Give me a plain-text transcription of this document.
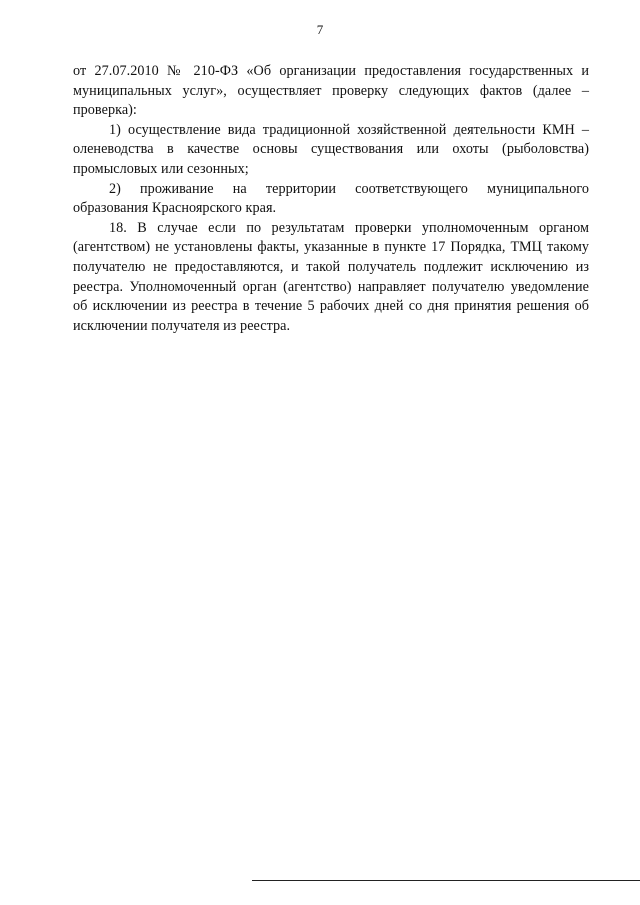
7

от 27.07.2010 № 210-ФЗ «Об организации предоставления государственных и муниципальных услуг», осуществляет проверку следующих фактов (далее – проверка):

1) осуществление вида традиционной хозяйственной деятельности КМН – оленеводства в качестве основы существования или охоты (рыболовства) промысловых или сезонных;

2) проживание на территории соответствующего муниципального образования Красноярского края.

18. В случае если по результатам проверки уполномоченным органом (агентством) не установлены факты, указанные в пункте 17 Порядка, ТМЦ такому получателю не предоставляются, и такой получатель подлежит исключению из реестра. Уполномоченный орган (агентство) направляет получателю уведомление об исключении из реестра в течение 5 рабочих дней со дня принятия решения об исключении получателя из реестра.
